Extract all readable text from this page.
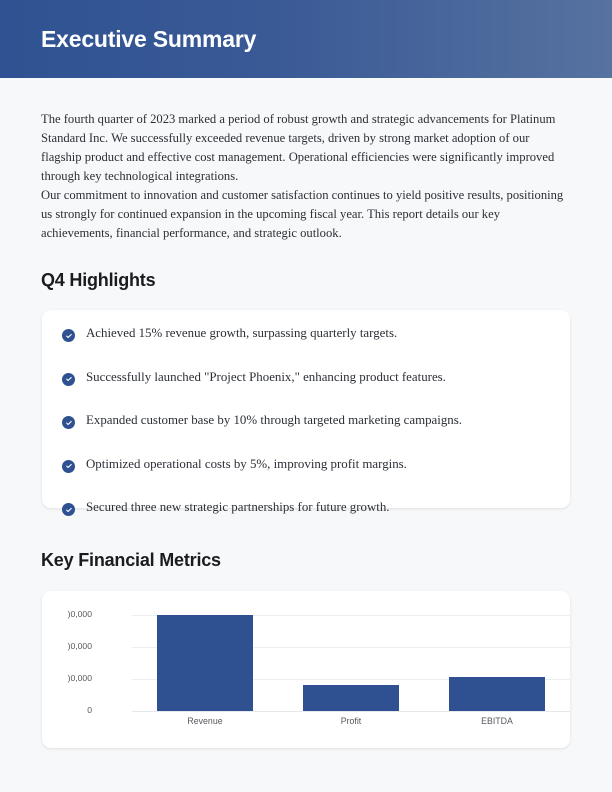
Executive Summary

The fourth quarter of 2023 marked a period of robust growth and strategic advancements for Platinum Standard Inc. We successfully exceeded revenue targets, driven by strong market adoption of our flagship product and effective cost management. Operational efficiencies were significantly improved through key technological integrations.

Our commitment to innovation and customer satisfaction continues to yield positive results, positioning us strongly for continued expansion in the upcoming fiscal year. This report details our key achievements, financial performance, and strategic outlook.

Q4 Highlights
Achieved 15% revenue growth, surpassing quarterly targets.
Successfully launched "Project Phoenix," enhancing product features.
Expanded customer base by 10% through targeted marketing campaigns.
Optimized operational costs by 5%, improving profit margins.
Secured three new strategic partnerships for future growth.
Key Financial Metrics
0
)0,000
)0,000
)0,000
Revenue	Profit	EBITDA
